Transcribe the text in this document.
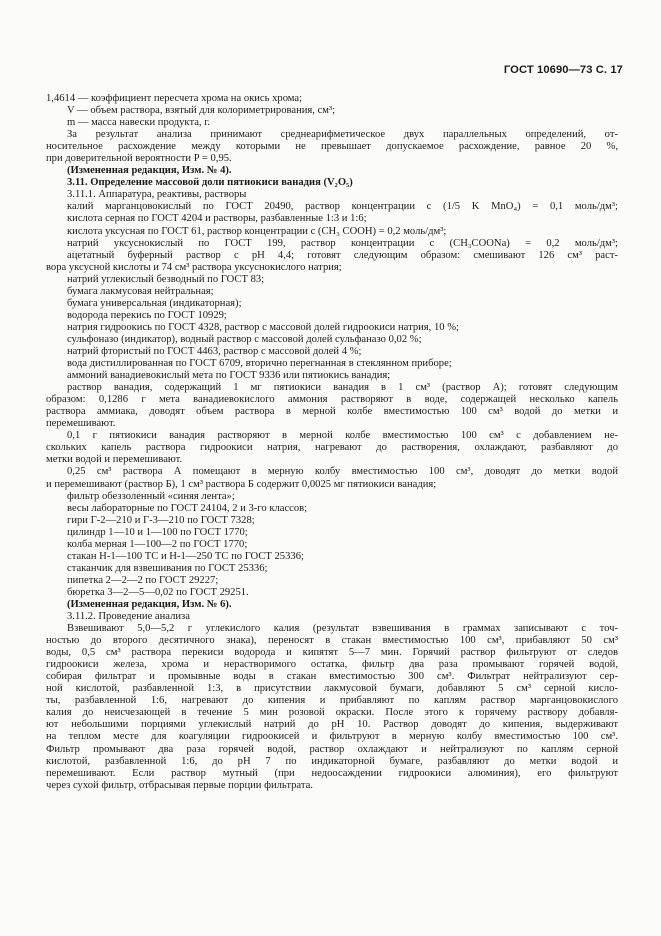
ГОСТ 10690—73 С. 17
1,4614 — коэффициент пересчета хрома на окись хрома;
V — объем раствора, взятый для колориметрирования, см³;
m — масса навески продукта, г.
За результат анализа принимают среднеарифметическое двух параллельных определений, от-
носительное расхождение между которыми не превышает допускаемое расхождение, равное 20 %,
при доверительной вероятности P = 0,95.
(Измененная редакция, Изм. № 4).
3.11. Определение массовой доли пятиокиси ванадия (V₂O₅)
3.11.1. Аппаратура, реактивы, растворы
калий марганцовокислый по ГОСТ 20490, раствор концентрации c (1/5 K MnO₄) = 0,1 моль/дм³;
кислота серная по ГОСТ 4204 и растворы, разбавленные 1:3 и 1:6;
кислота уксусная по ГОСТ 61, раствор концентрации c (CH₃ COOH) = 0,2 моль/дм³;
натрий уксуснокислый по ГОСТ 199, раствор концентрации c (CH₃COONa) = 0,2 моль/дм³;
ацетатный буферный раствор с pH 4,4; готовят следующим образом: смешивают 126 см³ раст-
вора уксусной кислоты и 74 см³ раствора уксуснокислого натрия;
натрий углекислый безводный по ГОСТ 83;
бумага лакмусовая нейтральная;
бумага универсальная (индикаторная);
водорода перекись по ГОСТ 10929;
натрия гидроокись по ГОСТ 4328, раствор с массовой долей гидроокиси натрия, 10 %;
сульфоназо (индикатор), водный раствор с массовой долей сульфаназо 0,02 %;
натрий фтористый по ГОСТ 4463, раствор с массовой долей 4 %;
вода дистиллированная по ГОСТ 6709, вторично перегнанная в стеклянном приборе;
аммоний ванадиевокислый мета по ГОСТ 9336 или пятиокись ванадия;
раствор ванадия, содержащий 1 мг пятиокиси ванадия в 1 см³ (раствор А); готовят следующим
образом: 0,1286 г мета ванадиевокислого аммония растворяют в воде, содержащей несколько капель
раствора аммиака, доводят объем раствора в мерной колбе вместимостью 100 см³ водой до метки и
перемешивают.
0,1 г пятиокиси ванадия растворяют в мерной колбе вместимостью 100 см³ с добавлением не-
скольких капель раствора гидроокиси натрия, нагревают до растворения, охлаждают, разбавляют до
метки водой и перемешивают.
0,25 см³ раствора А помещают в мерную колбу вместимостью 100 см³, доводят до метки водой
и перемешивают (раствор Б), 1 см³ раствора Б содержит 0,0025 мг пятиокиси ванадия;
фильтр обеззоленный «синяя лента»;
весы лабораторные по ГОСТ 24104, 2 и 3-го классов;
гири Г-2—210 и Г-3—210 по ГОСТ 7328;
цилиндр 1—10 и 1—100 по ГОСТ 1770;
колба мерная 1—100—2 по ГОСТ 1770;
стакан Н-1—100 ТС и Н-1—250 ТС по ГОСТ 25336;
стаканчик для взвешивания по ГОСТ 25336;
пипетка 2—2—2 по ГОСТ 29227;
бюретка 3—2—5—0,02 по ГОСТ 29251.
(Измененная редакция, Изм. № 6).
3.11.2. Проведение анализа
Взвешивают 5,0—5,2 г углекислого калия (результат взвешивания в граммах записывают с точ-
ностью до второго десятичного знака), переносят в стакан вместимостью 100 см³, прибавляют 50 см³
воды, 0,5 см³ раствора перекиси водорода и кипятят 5—7 мин. Горячий раствор фильтруют от следов
гидроокиси железа, хрома и нерастворимого остатка, фильтр два раза промывают горячей водой,
собирая фильтрат и промывные воды в стакан вместимостью 300 см³. Фильтрат нейтрализуют сер-
ной кислотой, разбавленной 1:3, в присутствии лакмусовой бумаги, добавляют 5 см³ серной кисло-
ты, разбавленной 1:6, нагревают до кипения и прибавляют по каплям раствор марганцовокислого
калия до неисчезающей в течение 5 мин розовой окраски. После этого к горячему раствору добавля-
ют небольшими порциями углекислый натрий до pH 10. Раствор доводят до кипения, выдерживают
на теплом месте для коагуляции гидроокисей и фильтруют в мерную колбу вместимостью 100 см³.
Фильтр промывают два раза горячей водой, раствор охлаждают и нейтрализуют по каплям серной
кислотой, разбавленной 1:6, до pH 7 по индикаторной бумаге, разбавляют до метки водой и
перемешивают. Если раствор мутный (при недоосаждении гидроокиси алюминия), его фильтруют
через сухой фильтр, отбрасывая первые порции фильтрата.
